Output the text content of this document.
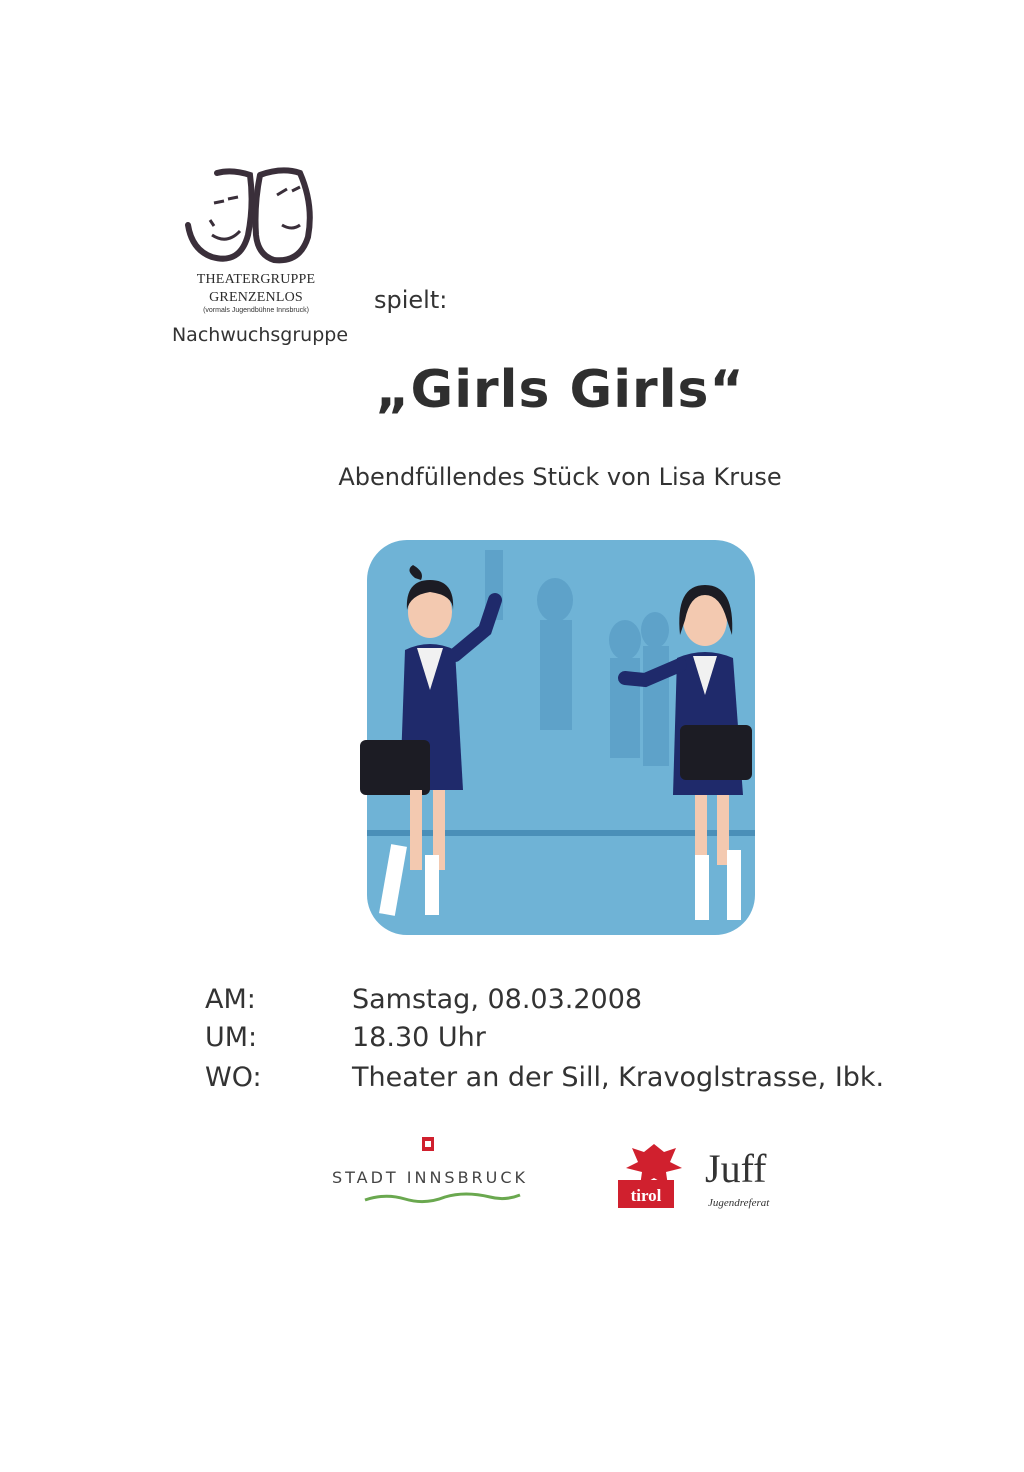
THEATERGRUPPE
GRENZENLOS
(vormals Jugendbühne Innsbruck)
Nachwuchsgruppe
spielt:
„Girls Girls“
Abendfüllendes Stück von Lisa Kruse
AM:	Samstag, 08.03.2008
UM:	18.30 Uhr
WO:	Theater an der Sill, Kravoglstrasse, Ibk.
STADT INNSBRUCK
tirol
Juff
Jugendreferat
